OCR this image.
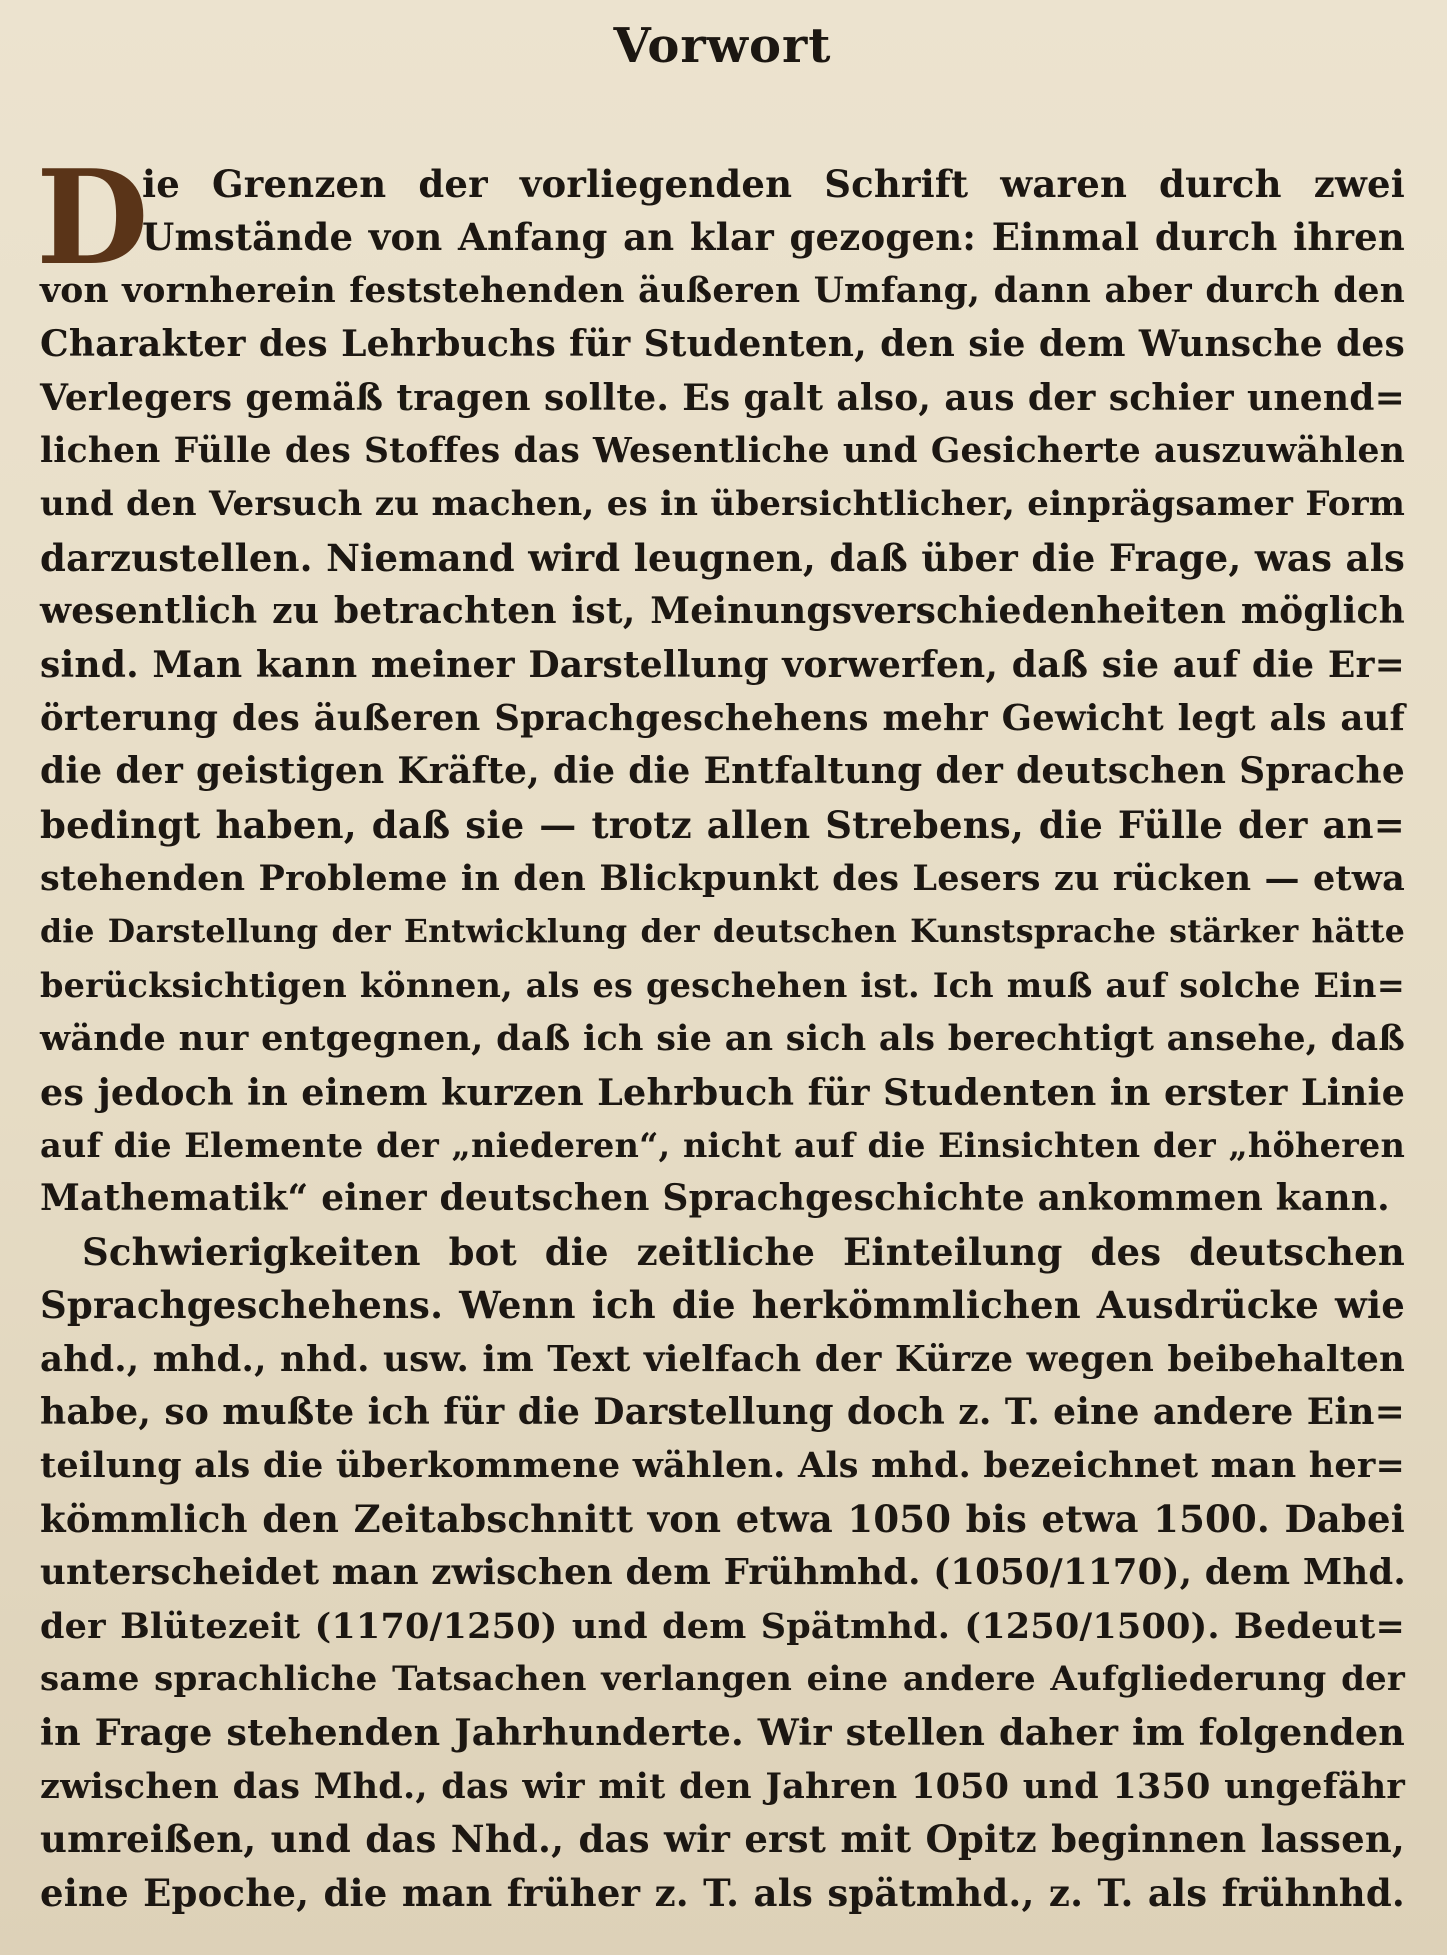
Vorwort
D
ie Grenzen der vorliegenden Schrift waren durch zwei
Umstände von Anfang an klar gezogen: Einmal durch ihren
von vornherein feststehenden äußeren Umfang, dann aber durch den
Charakter des Lehrbuchs für Studenten, den sie dem Wunsche des
Verlegers gemäß tragen sollte. Es galt also, aus der schier unend=
lichen Fülle des Stoffes das Wesentliche und Gesicherte auszuwählen
und den Versuch zu machen, es in übersichtlicher, einprägsamer Form
darzustellen. Niemand wird leugnen, daß über die Frage, was als
wesentlich zu betrachten ist, Meinungsverschiedenheiten möglich
sind. Man kann meiner Darstellung vorwerfen, daß sie auf die Er=
örterung des äußeren Sprachgeschehens mehr Gewicht legt als auf
die der geistigen Kräfte, die die Entfaltung der deutschen Sprache
bedingt haben, daß sie — trotz allen Strebens, die Fülle der an=
stehenden Probleme in den Blickpunkt des Lesers zu rücken — etwa
die Darstellung der Entwicklung der deutschen Kunstsprache stärker hätte
berücksichtigen können, als es geschehen ist. Ich muß auf solche Ein=
wände nur entgegnen, daß ich sie an sich als berechtigt ansehe, daß
es jedoch in einem kurzen Lehrbuch für Studenten in erster Linie
auf die Elemente der „niederen“, nicht auf die Einsichten der „höheren
Mathematik“ einer deutschen Sprachgeschichte ankommen kann.
Schwierigkeiten bot die zeitliche Einteilung des deutschen
Sprachgeschehens. Wenn ich die herkömmlichen Ausdrücke wie
ahd., mhd., nhd. usw. im Text vielfach der Kürze wegen beibehalten
habe, so mußte ich für die Darstellung doch z. T. eine andere Ein=
teilung als die überkommene wählen. Als mhd. bezeichnet man her=
kömmlich den Zeitabschnitt von etwa 1050 bis etwa 1500. Dabei
unterscheidet man zwischen dem Frühmhd. (1050/1170), dem Mhd.
der Blütezeit (1170/1250) und dem Spätmhd. (1250/1500). Bedeut=
same sprachliche Tatsachen verlangen eine andere Aufgliederung der
in Frage stehenden Jahrhunderte. Wir stellen daher im folgenden
zwischen das Mhd., das wir mit den Jahren 1050 und 1350 ungefähr
umreißen, und das Nhd., das wir erst mit Opitz beginnen lassen,
eine Epoche, die man früher z. T. als spätmhd., z. T. als frühnhd.
